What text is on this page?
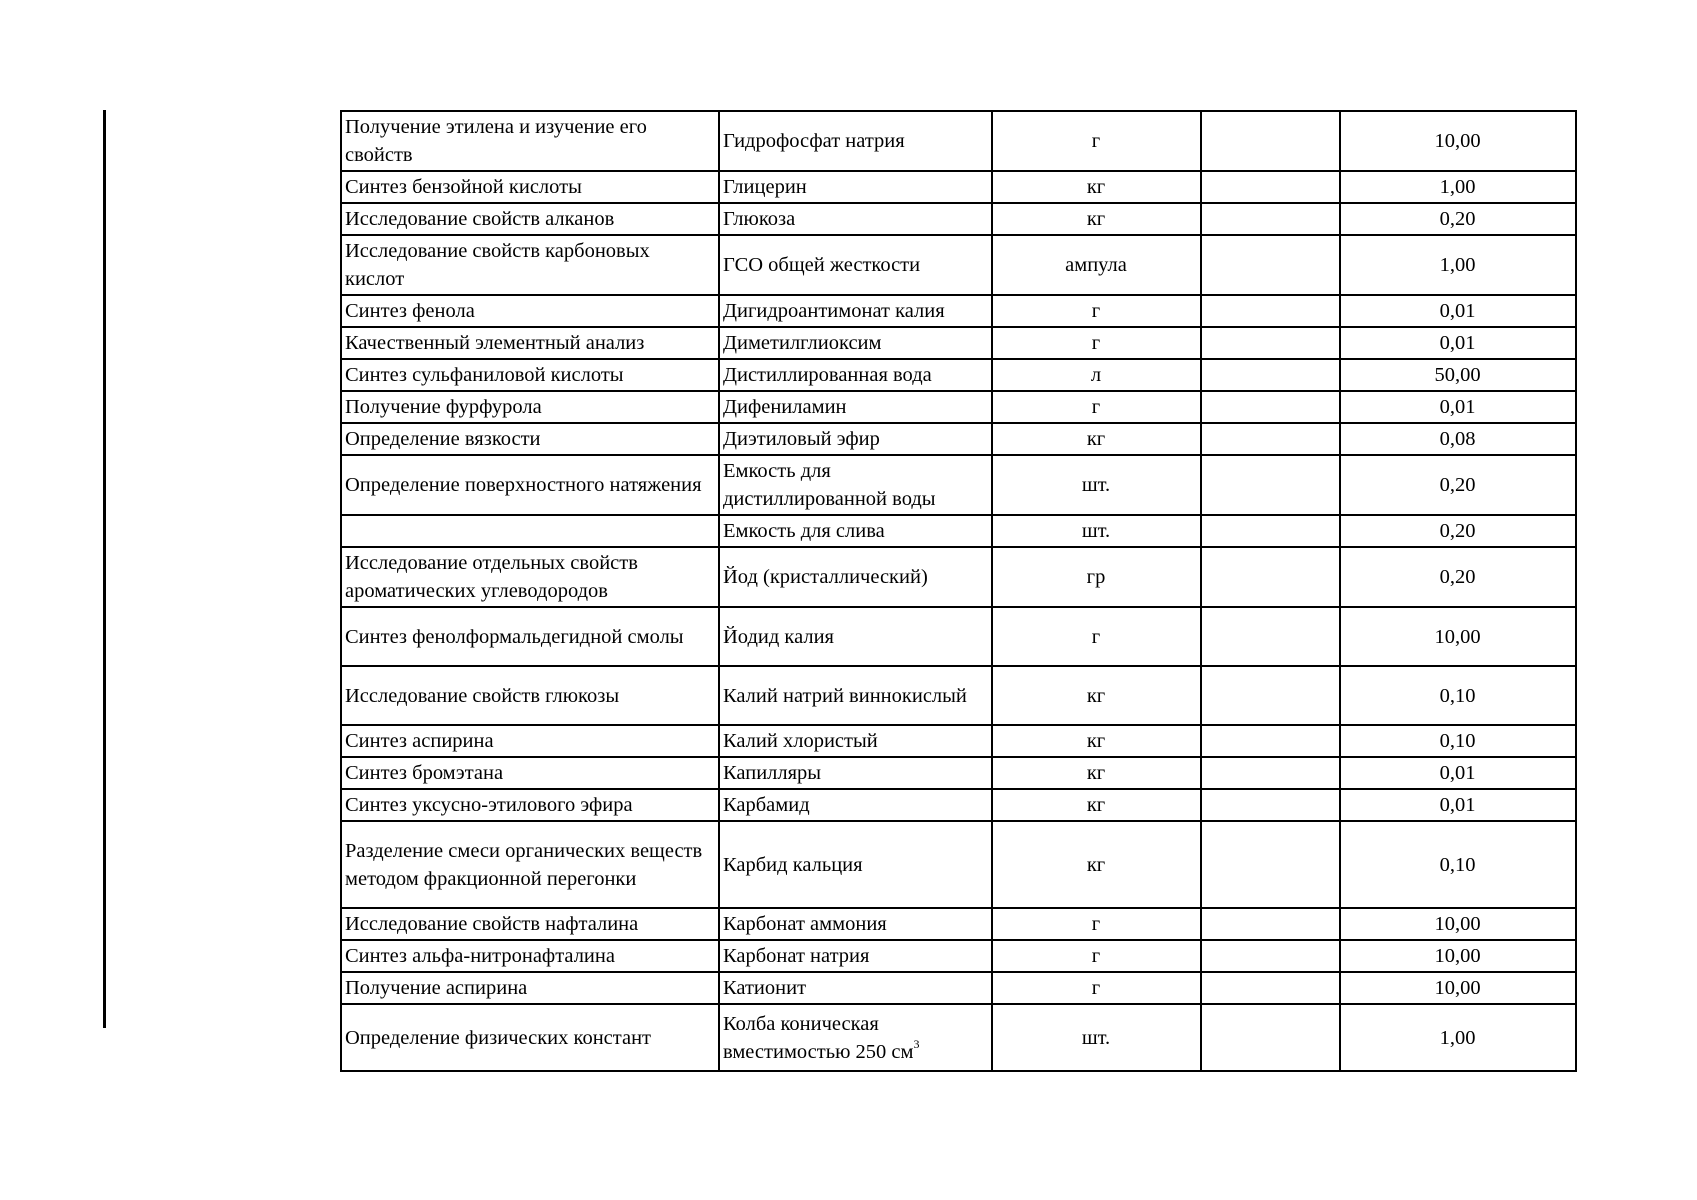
Получение этилена и изучение его свойств	Гидрофосфат натрия	г		10,00
Синтез бензойной кислоты	Глицерин	кг		1,00
Исследование свойств алканов	Глюкоза	кг		0,20
Исследование свойств карбоновых кислот	ГСО общей жесткости	ампула		1,00
Синтез фенола	Дигидроантимонат калия	г		0,01
Качественный элементный анализ	Диметилглиоксим	г		0,01
Синтез сульфаниловой кислоты	Дистиллированная вода	л		50,00
Получение фурфурола	Дифениламин	г		0,01
Определение вязкости	Диэтиловый эфир	кг		0,08
Определение поверхностного натяжения	Емкость для дистиллированной воды	шт.		0,20
	Емкость для слива	шт.		0,20
Исследование отдельных свойств ароматических углеводородов	Йод (кристаллический)	гр		0,20
Синтез фенолформальдегидной смолы	Йодид калия	г		10,00
Исследование свойств глюкозы	Калий натрий виннокислый	кг		0,10
Синтез аспирина	Калий хлористый	кг		0,10
Синтез бромэтана	Капилляры	кг		0,01
Синтез уксусно-этилового эфира	Карбамид	кг		0,01
Разделение смеси органических веществ методом фракционной перегонки	Карбид кальция	кг		0,10
Исследование свойств нафталина	Карбонат аммония	г		10,00
Синтез альфа-нитронафталина	Карбонат натрия	г		10,00
Получение аспирина	Катионит	г		10,00
Определение физических констант	Колба коническая вместимостью 250 $см^3$	шт.		1,00
